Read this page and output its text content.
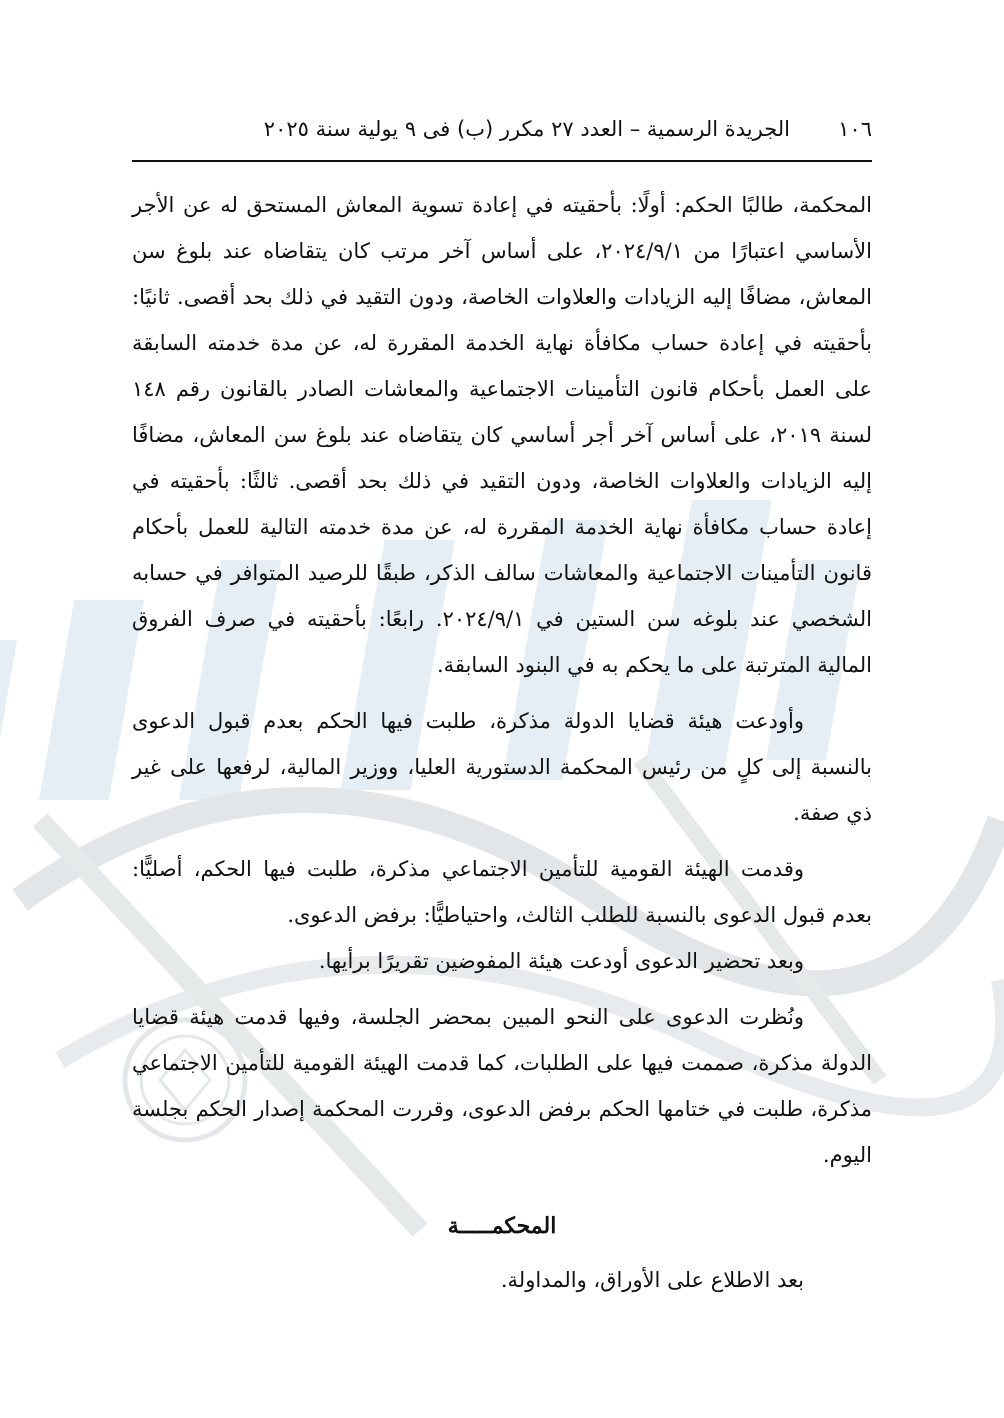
١٠٦
الجريدة الرسمية – العدد ٢٧ مكرر (ب) فى ٩ يولية سنة ٢٠٢٥

المحكمة، طالبًا الحكم: أولًا: بأحقيته في إعادة تسوية المعاش المستحق له عن الأجر الأساسي اعتبارًا من ٢٠٢٤/٩/١، على أساس آخر مرتب كان يتقاضاه عند بلوغ سن المعاش، مضافًا إليه الزيادات والعلاوات الخاصة، ودون التقيد في ذلك بحد أقصى. ثانيًا: بأحقيته في إعادة حساب مكافأة نهاية الخدمة المقررة له، عن مدة خدمته السابقة على العمل بأحكام قانون التأمينات الاجتماعية والمعاشات الصادر بالقانون رقم ١٤٨ لسنة ٢٠١٩، على أساس آخر أجر أساسي كان يتقاضاه عند بلوغ سن المعاش، مضافًا إليه الزيادات والعلاوات الخاصة، ودون التقيد في ذلك بحد أقصى. ثالثًا: بأحقيته في إعادة حساب مكافأة نهاية الخدمة المقررة له، عن مدة خدمته التالية للعمل بأحكام قانون التأمينات الاجتماعية والمعاشات سالف الذكر، طبقًا للرصيد المتوافر في حسابه الشخصي عند بلوغه سن الستين في ٢٠٢٤/٩/١. رابعًا: بأحقيته في صرف الفروق المالية المترتبة على ما يحكم به في البنود السابقة.

وأودعت هيئة قضايا الدولة مذكرة، طلبت فيها الحكم بعدم قبول الدعوى بالنسبة إلى كلٍ من رئيس المحكمة الدستورية العليا، ووزير المالية، لرفعها على غير ذي صفة.

وقدمت الهيئة القومية للتأمين الاجتماعي مذكرة، طلبت فيها الحكم، أصليًّا: بعدم قبول الدعوى بالنسبة للطلب الثالث، واحتياطيًّا: برفض الدعوى.

وبعد تحضير الدعوى أودعت هيئة المفوضين تقريرًا برأيها.

ونُظرت الدعوى على النحو المبين بمحضر الجلسة، وفيها قدمت هيئة قضايا الدولة مذكرة، صممت فيها على الطلبات، كما قدمت الهيئة القومية للتأمين الاجتماعي مذكرة، طلبت في ختامها الحكم برفض الدعوى، وقررت المحكمة إصدار الحكم بجلسة اليوم.

المحكمـــــة
بعد الاطلاع على الأوراق، والمداولة.
